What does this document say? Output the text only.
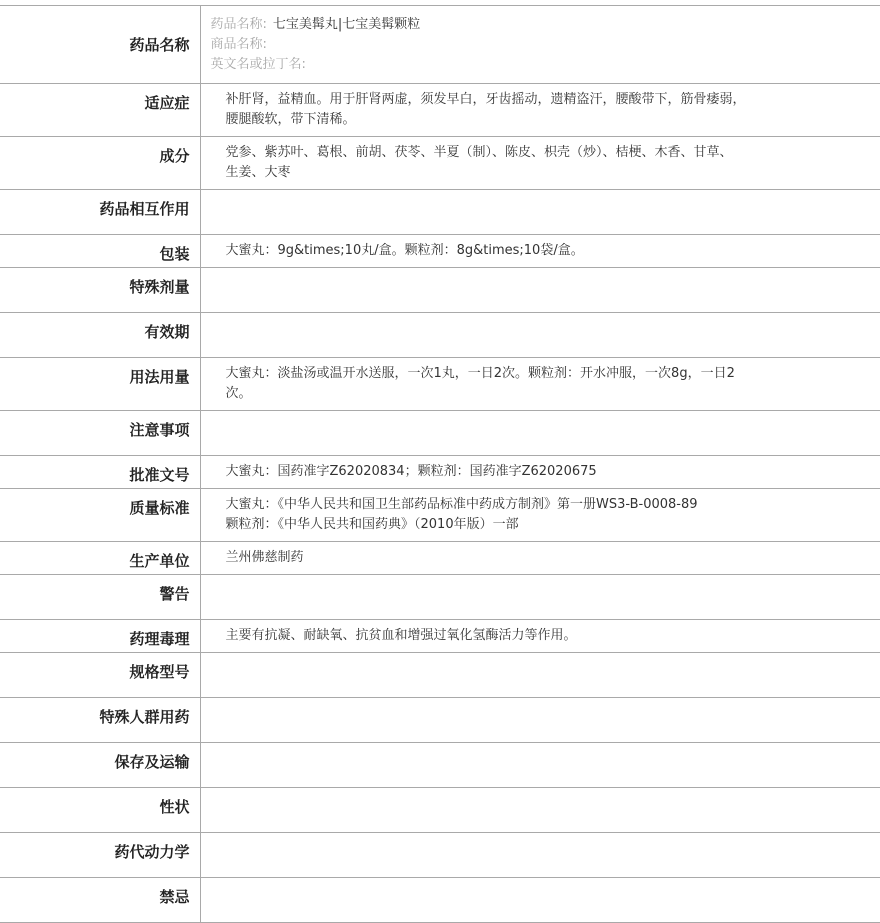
药品名称	药品名称: 七宝美髯丸|七宝美髯颗粒
商品名称:
英文名或拉丁名:

适应症	补肝肾，益精血。用于肝肾两虚，须发早白，牙齿摇动，遗精盗汗，腰酸带下，筋骨痿弱，
腰腿酸软，带下清稀。

成分	党参、紫苏叶、葛根、前胡、茯苓、半夏（制）、陈皮、枳壳（炒）、桔梗、木香、甘草、
生姜、大枣

药品相互作用	
包装	大蜜丸：9g&times;10丸/盒。颗粒剂：8g&times;10袋/盒。
特殊剂量	
有效期	
用法用量	大蜜丸：淡盐汤或温开水送服，一次1丸，一日2次。颗粒剂：开水冲服，一次8g，一日2
次。

注意事项	
批准文号	大蜜丸：国药准字Z62020834；颗粒剂：国药准字Z62020675
质量标准	大蜜丸：《中华人民共和国卫生部药品标准中药成方制剂》第一册WS3-B-0008-89
颗粒剂：《中华人民共和国药典》（2010年版）一部

生产单位	兰州佛慈制药
警告	
药理毒理	主要有抗凝、耐缺氧、抗贫血和增强过氧化氢酶活力等作用。
规格型号	
特殊人群用药	
保存及运输	
性状	
药代动力学	
禁忌	
